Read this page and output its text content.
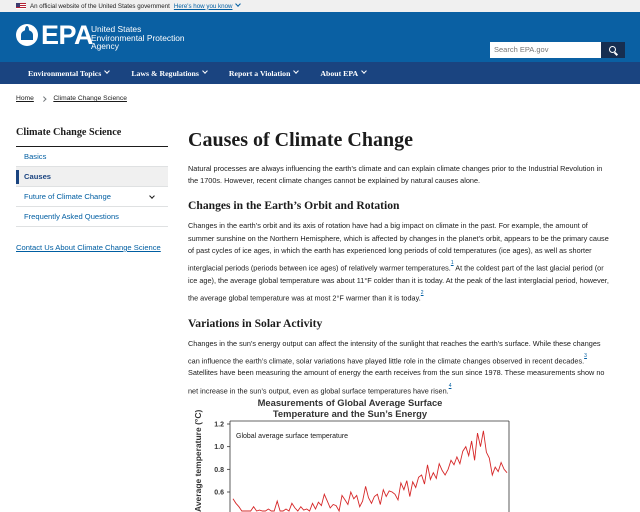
An official website of the United States government Here's how you know
EPA
United States
Environmental Protection
Agency
Search EPA.gov
Environmental Topics	Laws & Regulations	Report a Violation	About EPA
Home	Climate Change Science
Climate Change Science
Basics
Causes
Future of Climate Change
Frequently Asked Questions
Contact Us About Climate Change Science
Causes of Climate Change

Natural processes are always influencing the earth's climate and can explain climate changes prior to the Industrial Revolution in the 1700s. However, recent climate changes cannot be explained by natural causes alone.

Changes in the Earth’s Orbit and Rotation

Changes in the earth’s orbit and its axis of rotation have had a big impact on climate in the past. For example, the amount of summer sunshine on the Northern Hemisphere, which is affected by changes in the planet’s orbit, appears to be the primary cause of past cycles of ice ages, in which the earth has experienced long periods of cold temperatures (ice ages), as well as shorter interglacial periods (periods between ice ages) of relatively warmer temperatures.$^{^1}$ At the coldest part of the last glacial period (or ice age), the average global temperature was about 11°F colder than it is today. At the peak of the last interglacial period, however, the average global temperature was at most 2°F warmer than it is today.$^{^2}$

Variations in Solar Activity

Changes in the sun’s energy output can affect the intensity of the sunlight that reaches the earth’s surface. While these changes can influence the earth’s climate, solar variations have played little role in the climate changes observed in recent decades.$^{^3}$ Satellites have been measuring the amount of energy the earth receives from the sun since 1978. These measurements show no net increase in the sun’s output, even as global surface temperatures have risen.$^{^4}$

Measurements of Global Average Surface
Temperature and the Sun’s Energy
Average temperature (°C)	Global average surface temperature
1.2
1.0
0.8
0.6
